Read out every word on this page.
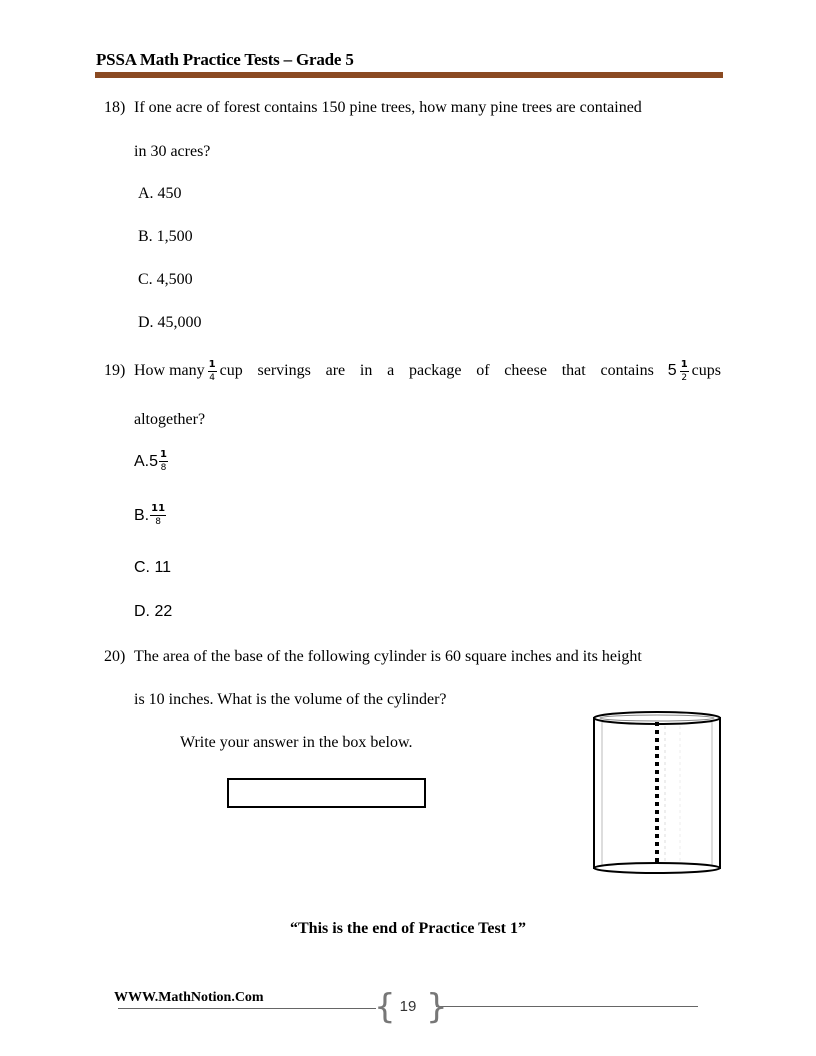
PSSA Math Practice Tests – Grade 5
18) If one acre of forest contains 150 pine trees, how many pine trees are contained
in 30 acres?
A. 450
B. 1,500
C. 4,500
D. 45,000
19) How many $\frac{1}{4}$ cup servings are in a package of cheese that contains $5 \frac{1}{2}$ cups
altogether?
A. $5 \frac{1}{8}$
B. $\frac{11}{8}$
C. 11
D. 22
20) The area of the base of the following cylinder is 60 square inches and its height
is 10 inches. What is the volume of the cylinder?
Write your answer in the box below.
“This is the end of Practice Test 1”
WWW.MathNotion.Com	{ 19 }
